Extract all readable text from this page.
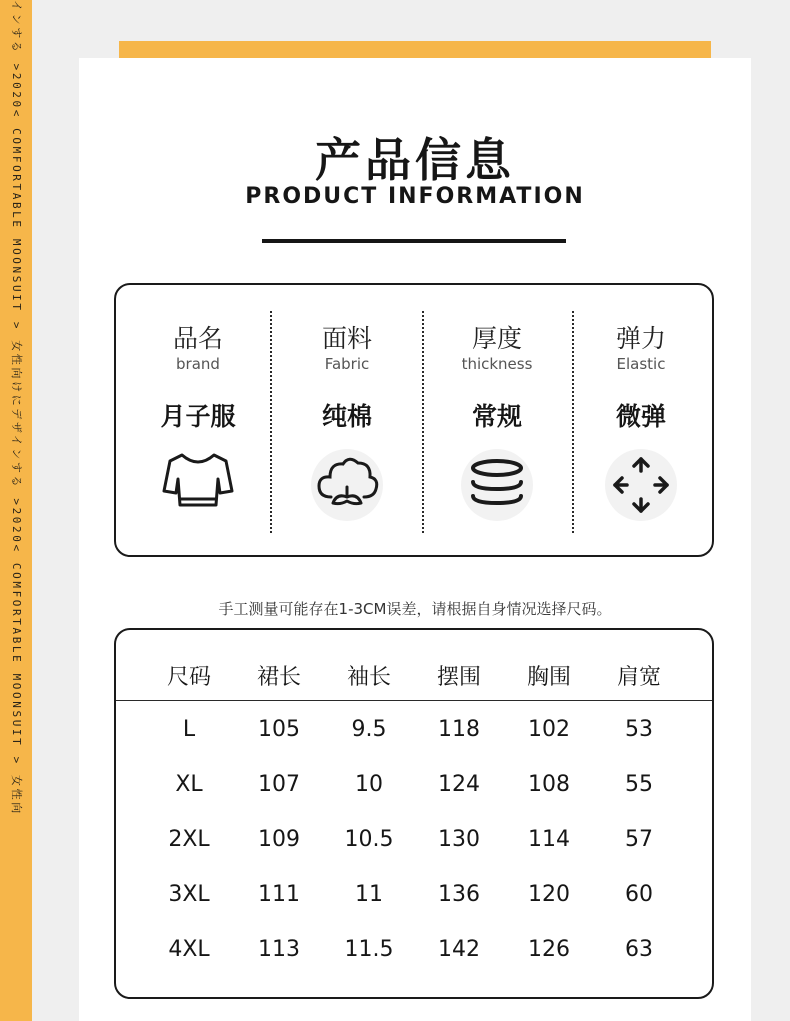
インする >2020< COMFORTABLE MOONSUIT > 女性向けにデザインする >2020< COMFORTABLE MOONSUIT > 女性向	产品信息
PRODUCT INFORMATION
品名
brand
月子服
面料
Fabric
纯棉
厚度
thickness
常规
弹力
Elastic
微弹
手工测量可能存在1-3CM误差，请根据自身情况选择尺码。
尺码	裙长	袖长	摆围	胸围	肩宽
L	105	9.5	118	102	53
XL	107	10	124	108	55
2XL	109	10.5	130	114	57
3XL	111	11	136	120	60
4XL	113	11.5	142	126	63
